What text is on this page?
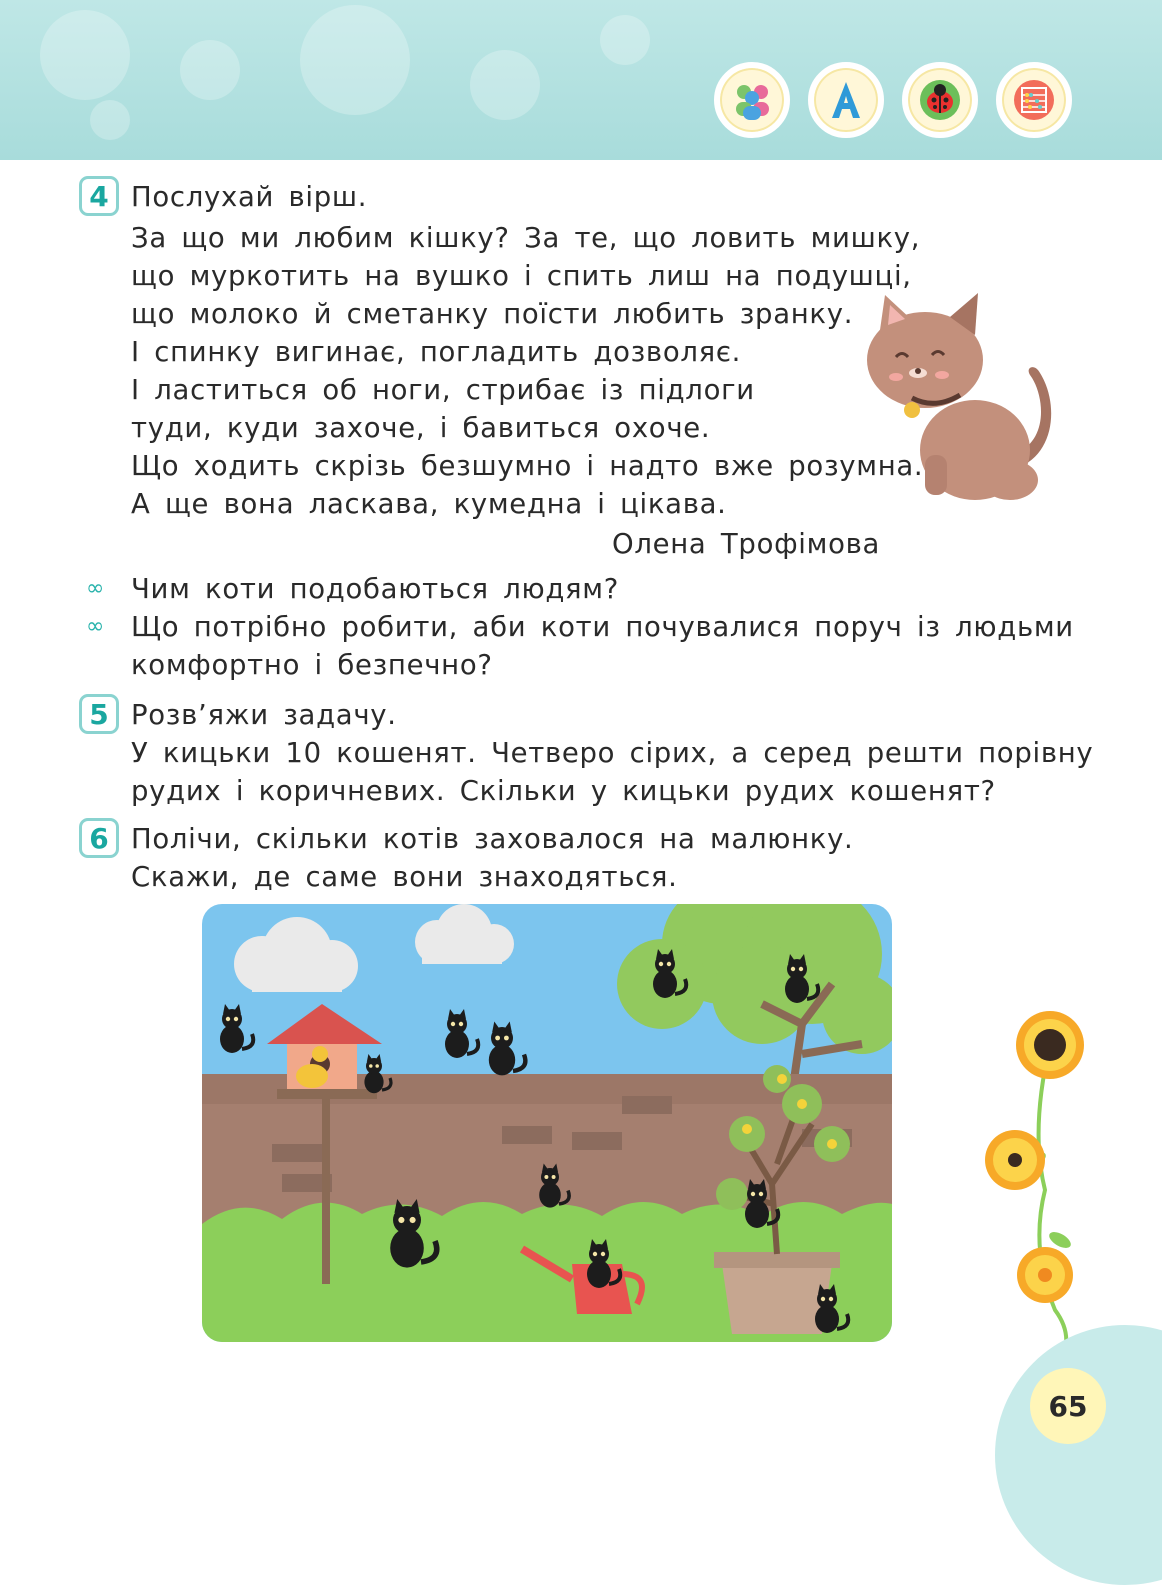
4 Послухай вірш.
За що ми любим кішку? За те, що ловить мишку,
що муркотить на вушко і спить лиш на подушці,
що молоко й сметанку поїсти любить зранку.
І спинку вигинає, погладить дозволяє.
І ластиться об ноги, стрибає із підлоги
туди, куди захоче, і бавиться охоче.
Що ходить скрізь безшумно і надто вже розумна.
А ще вона ласкава, кумедна і цікава.
Олена Трофімова
∞ Чим коти подобаються людям?
∞ Що потрібно робити, аби коти почувалися поруч із людьми
комфортно і безпечно?
5 Розв’яжи задачу.
У кицьки 10 кошенят. Четверо сірих, а серед решти порівну
рудих і коричневих. Скільки у кицьки рудих кошенят?
6 Полічи, скільки котів заховалося на малюнку.
Скажи, де саме вони знаходяться.
65
